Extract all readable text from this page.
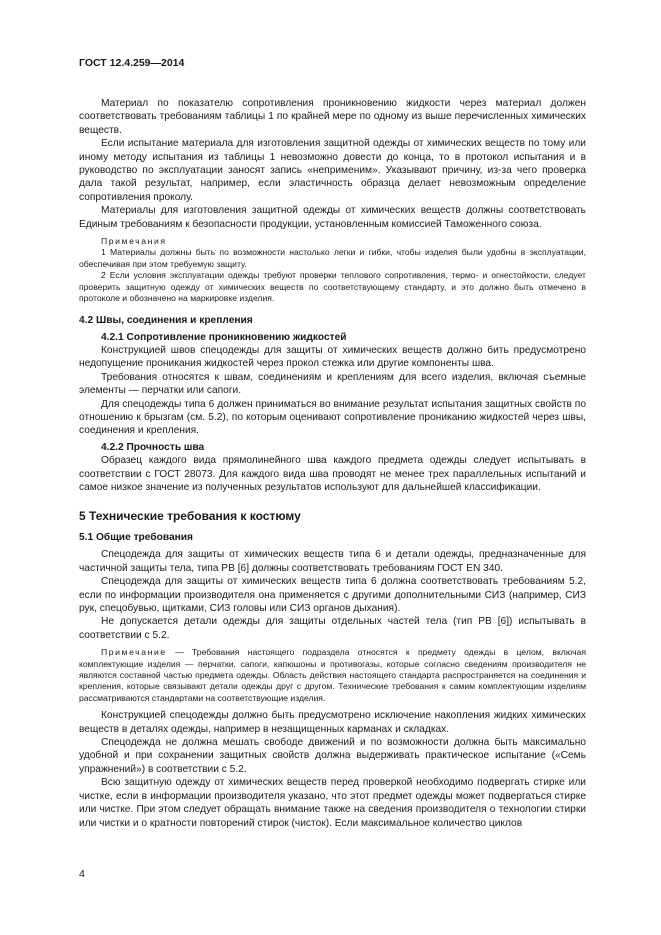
ГОСТ 12.4.259—2014

Материал по показателю сопротивления проникновению жидкости через материал должен соответствовать требованиям таблицы 1 по крайней мере по одному из выше перечисленных химических веществ.

Если испытание материала для изготовления защитной одежды от химических веществ по тому или иному методу испытания из таблицы 1 невозможно довести до конца, то в протокол испытания и в руководство по эксплуатации заносят запись «неприменим». Указывают причину, из-за чего проверка дала такой результат, например, если эластичность образца делает невозможным определение сопротивления проколу.

Материалы для изготовления защитной одежды от химических веществ должны соответствовать Единым требованиям к безопасности продукции, установленным комиссией Таможенного союза.

Примечания

1 Материалы должны быть по возможности настолько легки и гибки, чтобы изделия были удобны в эксплуатации, обеспечивая при этом требуемую защиту.

2 Если условия эксплуатации одежды требуют проверки теплового сопротивления, термо- и огнестойкости, следует проверить защитную одежду от химических веществ по соответствующему стандарту, и это должно быть отмечено в протоколе и обозначено на маркировке изделия.

4.2 Швы, соединения и крепления
4.2.1 Сопротивление проникновению жидкостей

Конструкцией швов спецодежды для защиты от химических веществ должно бить предусмотрено недопущение проникания жидкостей через прокол стежка или другие компоненты шва.

Требования относятся к швам, соединениям и креплениям для всего изделия, включая съемные элементы — перчатки или сапоги.

Для спецодежды типа 6 должен приниматься во внимание результат испытания защитных свойств по отношению к брызгам (см. 5.2), по которым оценивают сопротивление прониканию жидкостей через швы, соединения и крепления.

4.2.2 Прочность шва

Образец каждого вида прямолинейного шва каждого предмета одежды следует испытывать в соответствии с ГОСТ 28073. Для каждого вида шва проводят не менее трех параллельных испытаний и самое низкое значение из полученных результатов используют для дальнейшей классификации.

5 Технические требования к костюму
5.1 Общие требования

Спецодежда для защиты от химических веществ типа 6 и детали одежды, предназначенные для частичной защиты тела, типа PB [6] должны соответствовать требованиям ГОСТ EN 340.

Спецодежда для защиты от химических веществ типа 6 должна соответствовать требованиям 5.2, если по информации производителя она применяется с другими дополнительными СИЗ (например, СИЗ рук, спецобувью, щитками, СИЗ головы или СИЗ органов дыхания).

Не допускается детали одежды для защиты отдельных частей тела (тип PB [6]) испытывать в соответствии с 5.2.

Примечание — Требования настоящего подраздела относятся к предмету одежды в целом, включая комплектующие изделия — перчатки, сапоги, капюшоны и противогазы, которые согласно сведениям производителя не являются составной частью предмета одежды. Область действия настоящего стандарта распространяется на соединения и крепления, которые связывают детали одежды друг с другом. Технические требования к самим комплектующим изделиям рассматриваются стандартами на соответствующие изделия.

Конструкцией спецодежды должно быть предусмотрено исключение накопления жидких химических веществ в деталях одежды, например в незащищенных карманах и складках.

Спецодежда не должна мешать свободе движений и по возможности должна быть максимально удобной и при сохранении защитных свойств должна выдерживать практическое испытание («Семь упражнений») в соответствии с 5.2.

Всю защитную одежду от химических веществ перед проверкой необходимо подвергать стирке или чистке, если в информации производителя указано, что этот предмет одежды может подвергаться стирке или чистке. При этом следует обращать внимание также на сведения производителя о технологии стирки или чистки и о кратности повторений стирок (чисток). Если максимальное количество циклов

4
